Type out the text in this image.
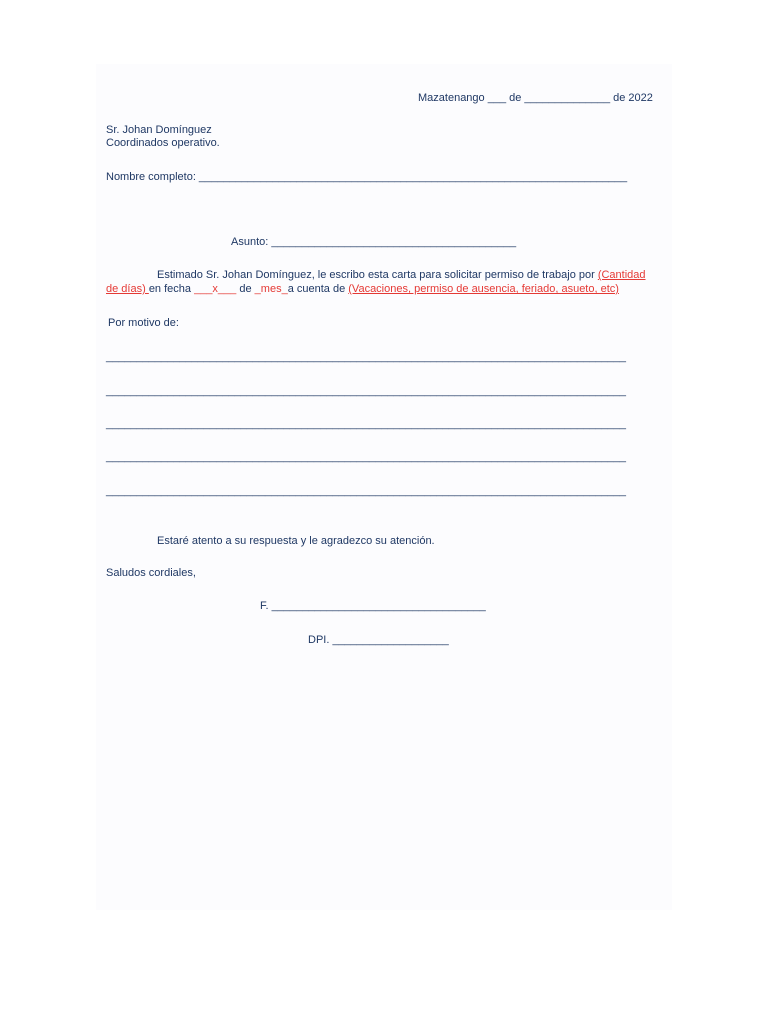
Mazatenango ___ de ______________ de 2022
Sr. Johan Domínguez
Coordinados operativo.
Nombre completo: ______________________________________________________________________
Asunto: ________________________________________
Estimado Sr. Johan Domínguez, le escribo esta carta para solicitar permiso de trabajo por (Cantidad
de días) en fecha ___x___ de _mes_a cuenta de (Vacaciones, permiso de ausencia, feriado, asueto, etc)
Por motivo de:
_____________________________________________________________________________________
_____________________________________________________________________________________
_____________________________________________________________________________________
_____________________________________________________________________________________
_____________________________________________________________________________________
Estaré atento a su respuesta y le agradezco su atención.
Saludos cordiales,
F. ___________________________________
DPI. ___________________
